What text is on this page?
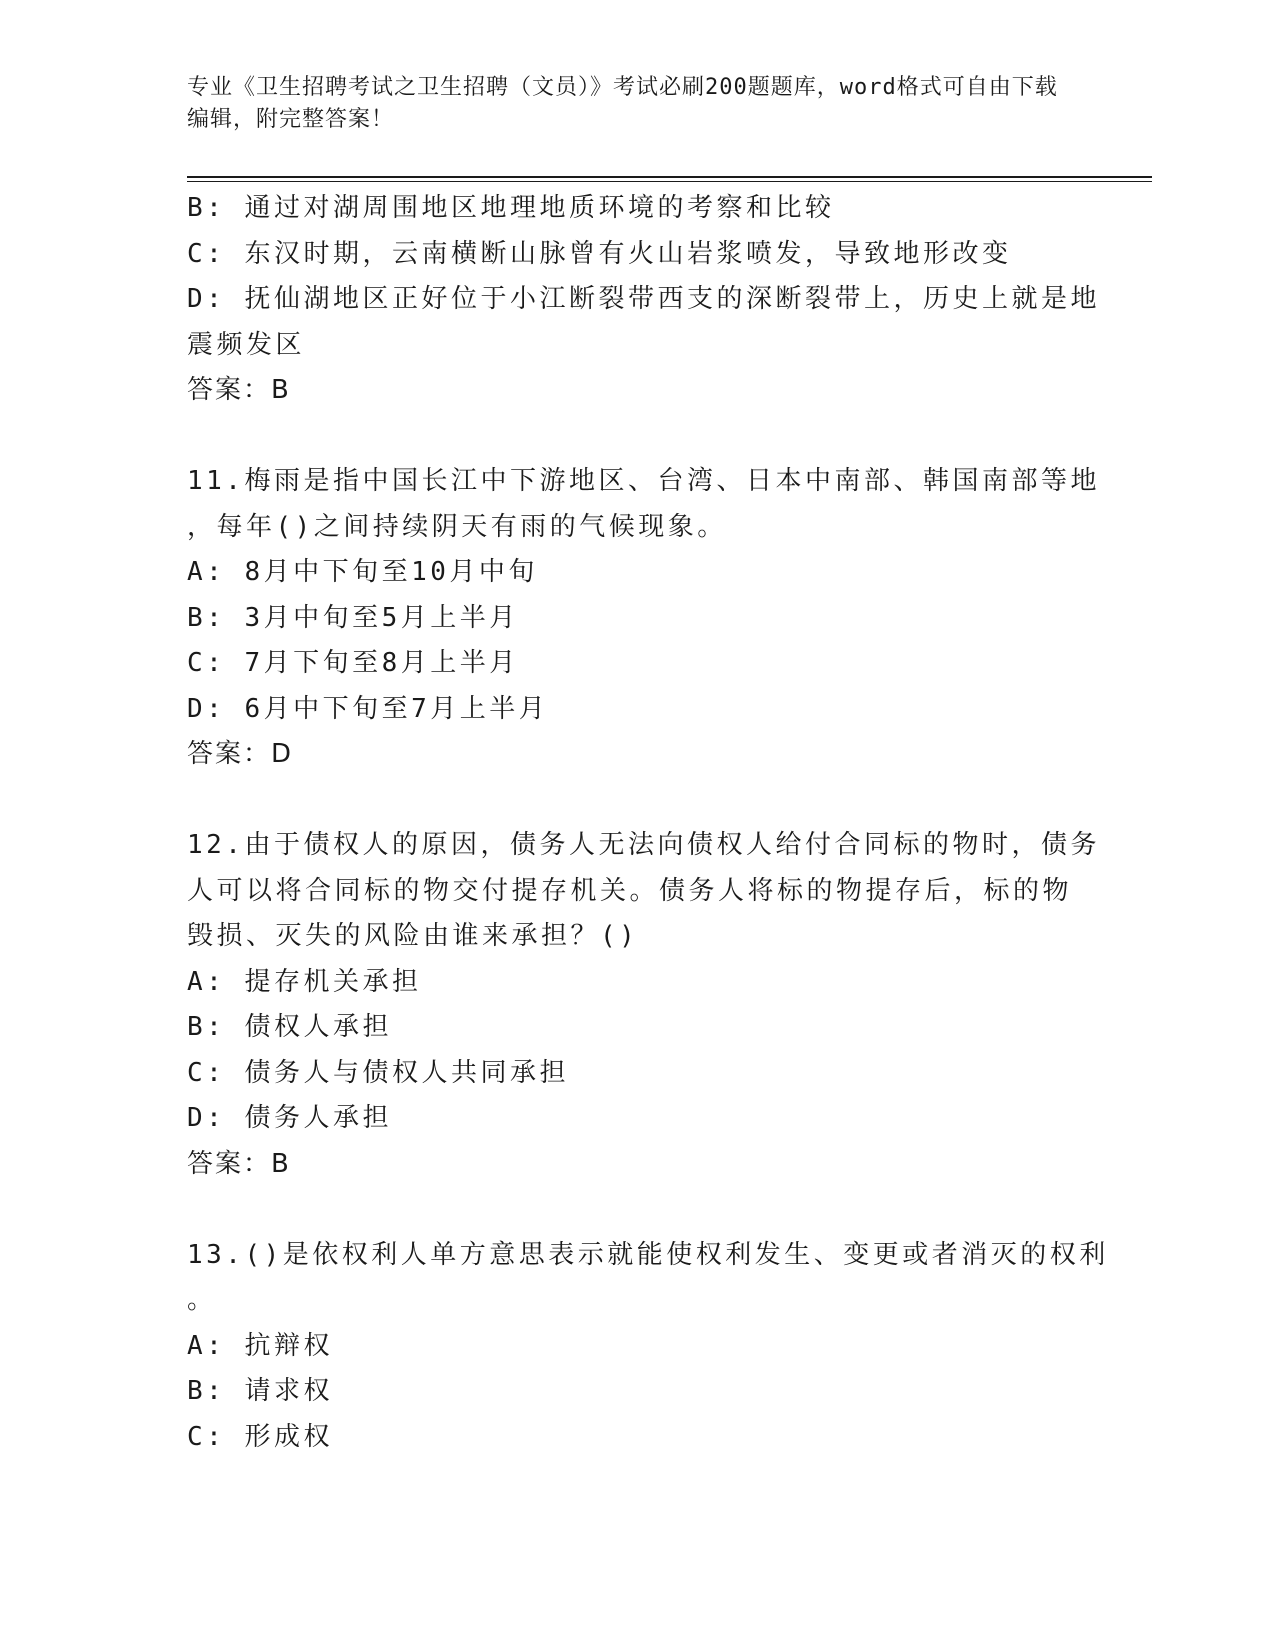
专业《卫生招聘考试之卫生招聘（文员）》考试必刷200题题库，word格式可自由下载编辑，附完整答案！
B: 通过对湖周围地区地理地质环境的考察和比较
C: 东汉时期，云南横断山脉曾有火山岩浆喷发，导致地形改变
D: 抚仙湖地区正好位于小江断裂带西支的深断裂带上，历史上就是地
震频发区
答案：B
11.梅雨是指中国长江中下游地区、台湾、日本中南部、韩国南部等地
，每年()之间持续阴天有雨的气候现象。
A: 8月中下旬至10月中旬
B: 3月中旬至5月上半月
C: 7月下旬至8月上半月
D: 6月中下旬至7月上半月
答案：D
12.由于债权人的原因，债务人无法向债权人给付合同标的物时，债务
人可以将合同标的物交付提存机关。债务人将标的物提存后，标的物
毁损、灭失的风险由谁来承担？()
A: 提存机关承担
B: 债权人承担
C: 债务人与债权人共同承担
D: 债务人承担
答案：B
13.()是依权利人单方意思表示就能使权利发生、变更或者消灭的权利
。
A: 抗辩权
B: 请求权
C: 形成权
